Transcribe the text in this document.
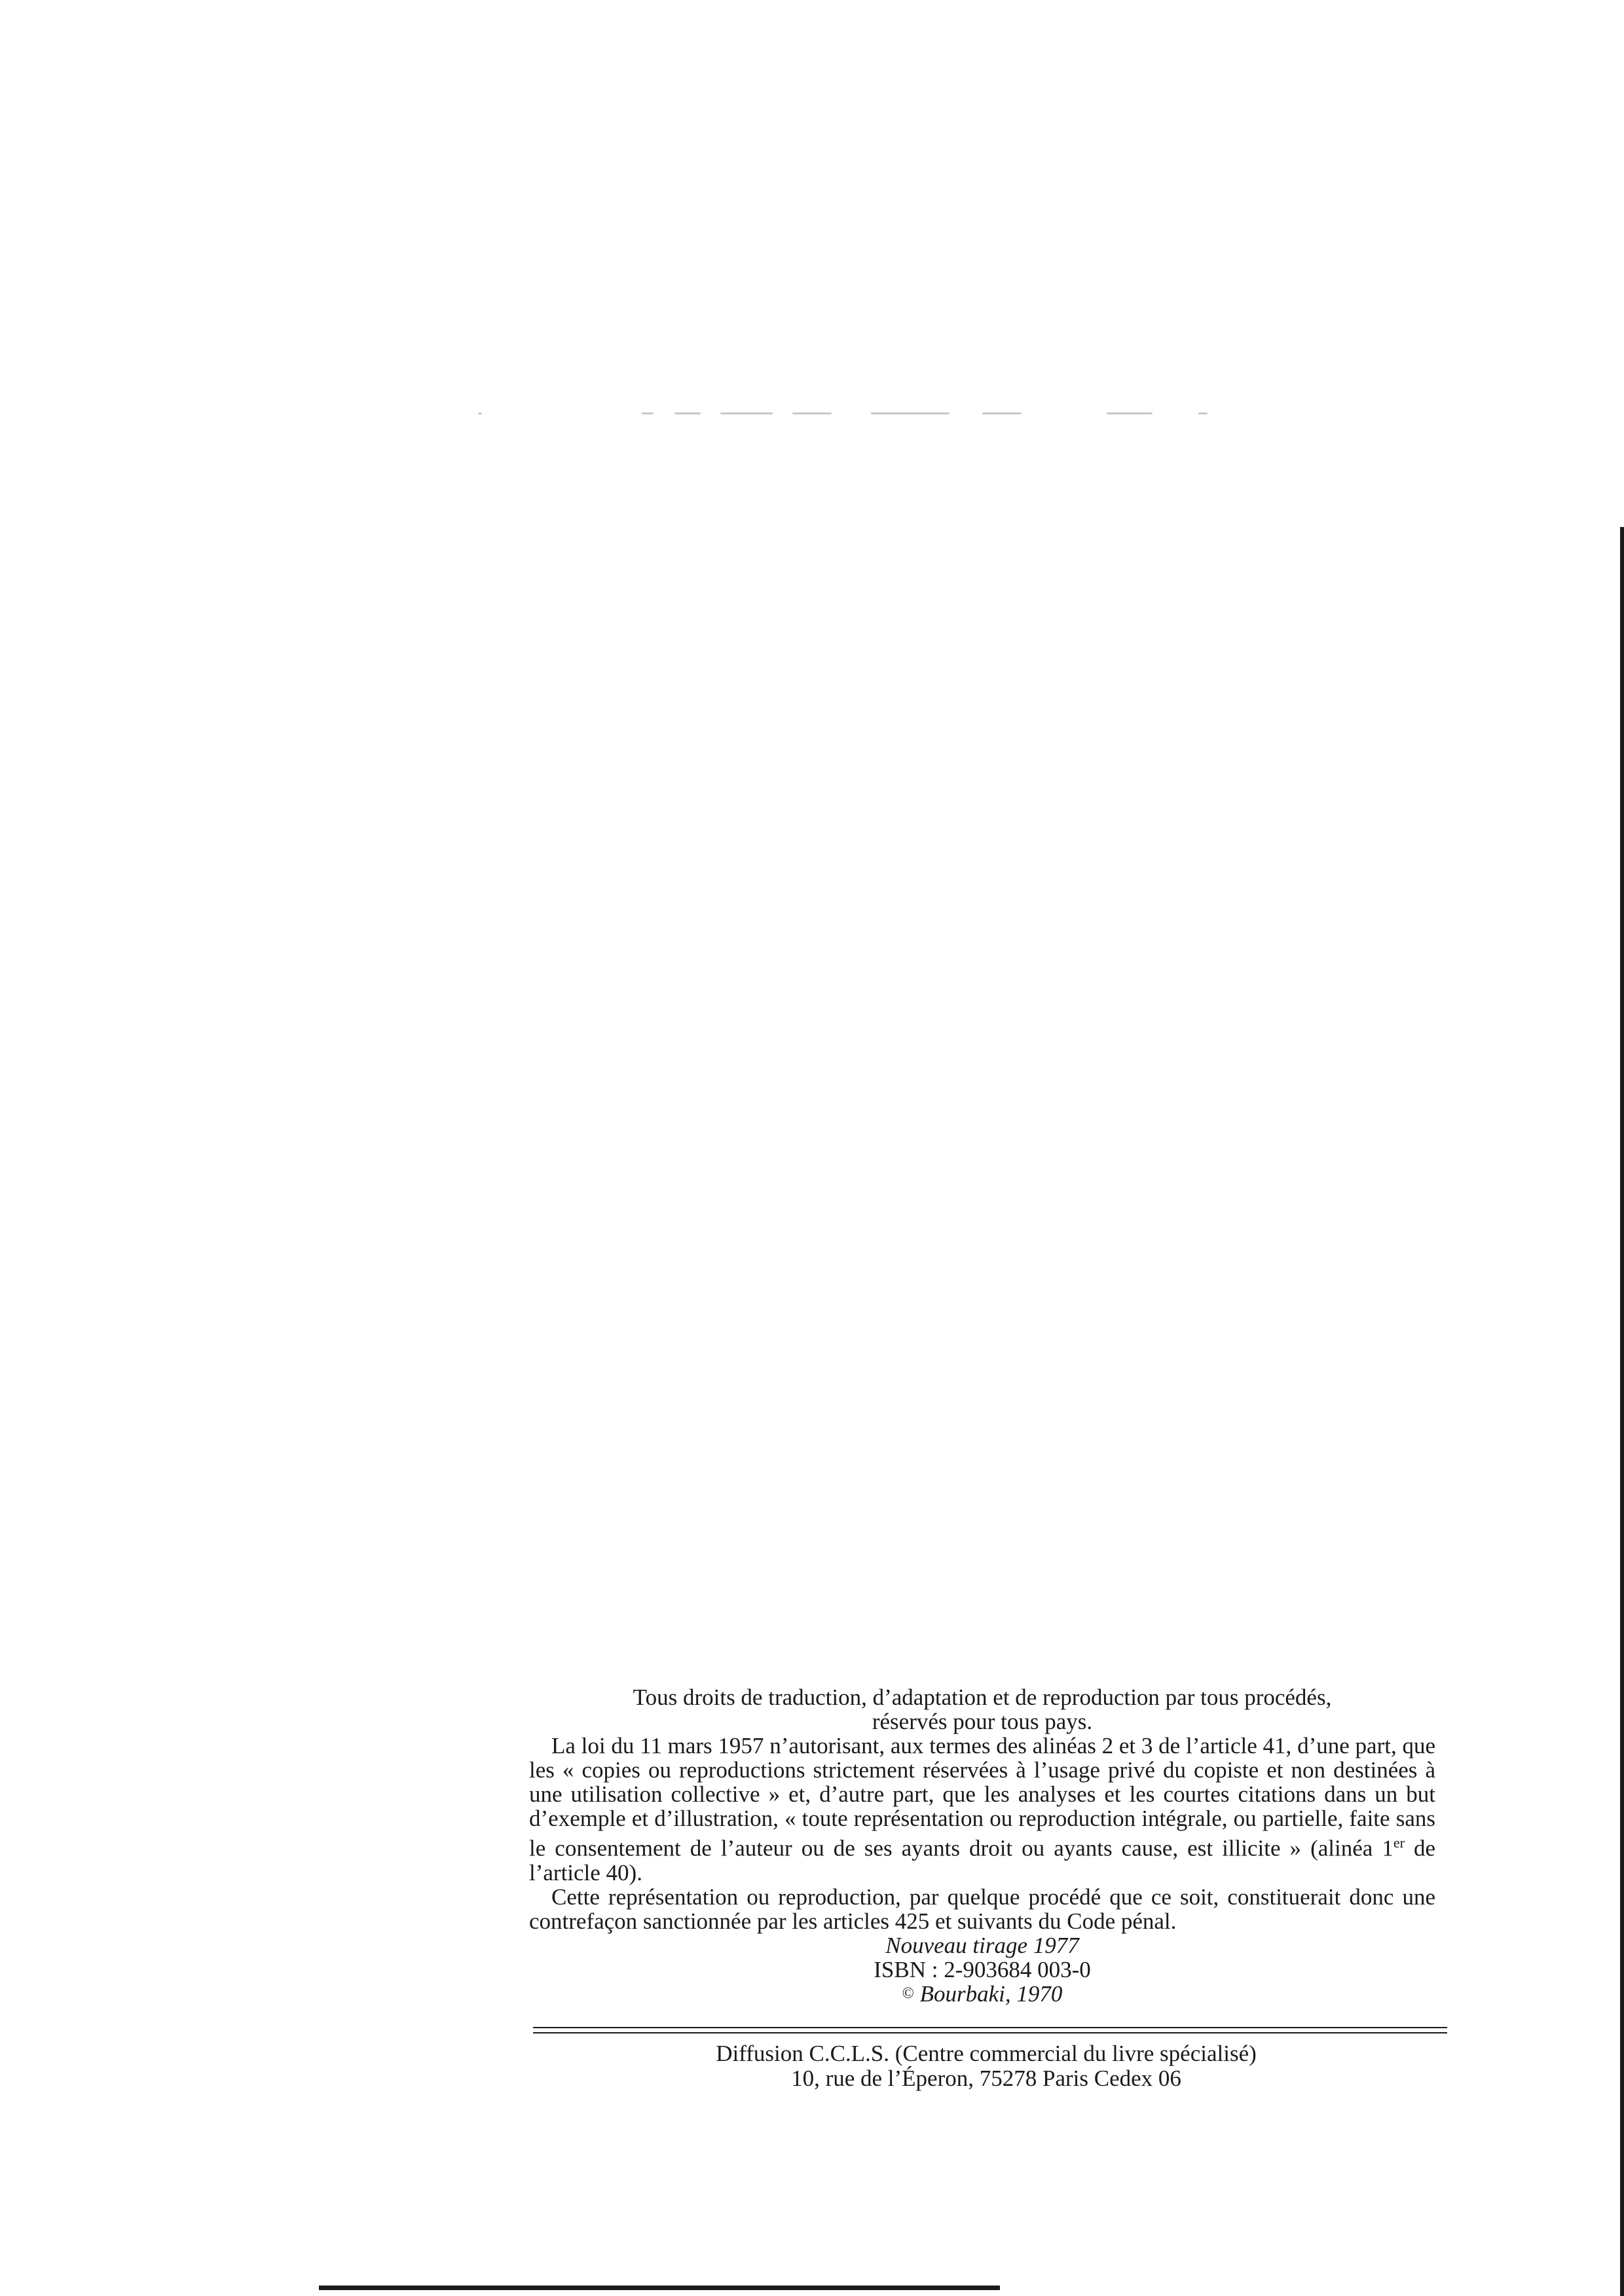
Tous droits de traduction, d’adaptation et de reproduction par tous procédés,

réservés pour tous pays.

La loi du 11 mars 1957 n’autorisant, aux termes des alinéas 2 et 3 de l’article 41, d’une part, que les « copies ou reproductions strictement réservées à l’usage privé du copiste et non destinées à une utilisation collective » et, d’autre part, que les analyses et les courtes citations dans un but d’exemple et d’illustration, « toute représentation ou reproduction intégrale, ou partielle, faite sans le consentement de l’auteur ou de ses ayants droit ou ayants cause, est illicite » (alinéa 1er de l’article 40).

Cette représentation ou reproduction, par quelque procédé que ce soit, constituerait donc une contrefaçon sanctionnée par les articles 425 et suivants du Code pénal.

Nouveau tirage 1977

ISBN : 2-903684 003-0

© Bourbaki, 1970

Diffusion C.C.L.S. (Centre commercial du livre spécialisé)

10, rue de l’Éperon, 75278 Paris Cedex 06
